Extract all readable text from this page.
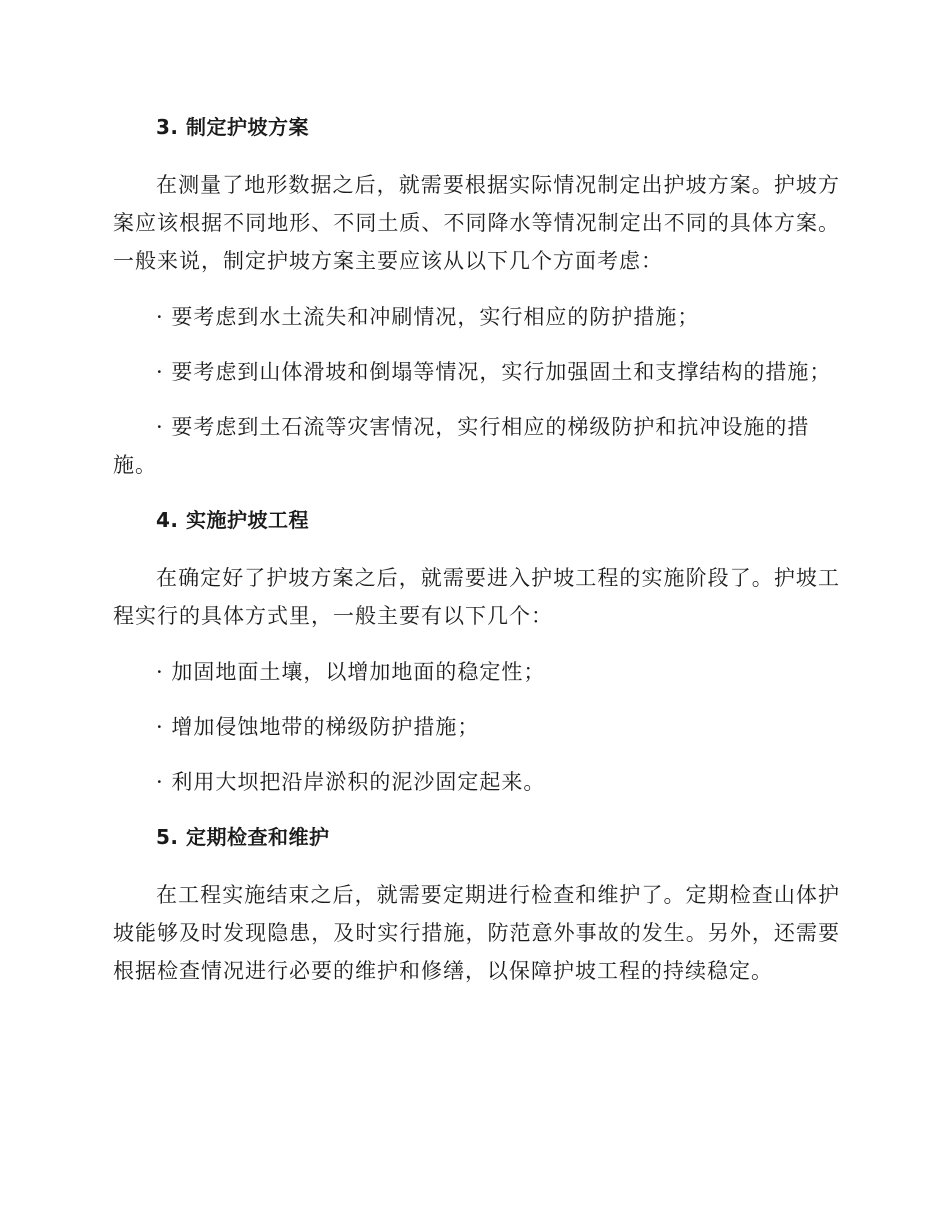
3. 制定护坡方案

在测量了地形数据之后，就需要根据实际情况制定出护坡方案。护坡方案应该根据不同地形、不同土质、不同降水等情况制定出不同的具体方案。一般来说，制定护坡方案主要应该从以下几个方面考虑：

· 要考虑到水土流失和冲刷情况，实行相应的防护措施；

· 要考虑到山体滑坡和倒塌等情况，实行加强固土和支撑结构的措施；

· 要考虑到土石流等灾害情况，实行相应的梯级防护和抗冲设施的措施。

4. 实施护坡工程

在确定好了护坡方案之后，就需要进入护坡工程的实施阶段了。护坡工程实行的具体方式里，一般主要有以下几个：

· 加固地面土壤，以增加地面的稳定性；

· 增加侵蚀地带的梯级防护措施；

· 利用大坝把沿岸淤积的泥沙固定起来。

5. 定期检查和维护

在工程实施结束之后，就需要定期进行检查和维护了。定期检查山体护坡能够及时发现隐患，及时实行措施，防范意外事故的发生。另外，还需要根据检查情况进行必要的维护和修缮，以保障护坡工程的持续稳定。
